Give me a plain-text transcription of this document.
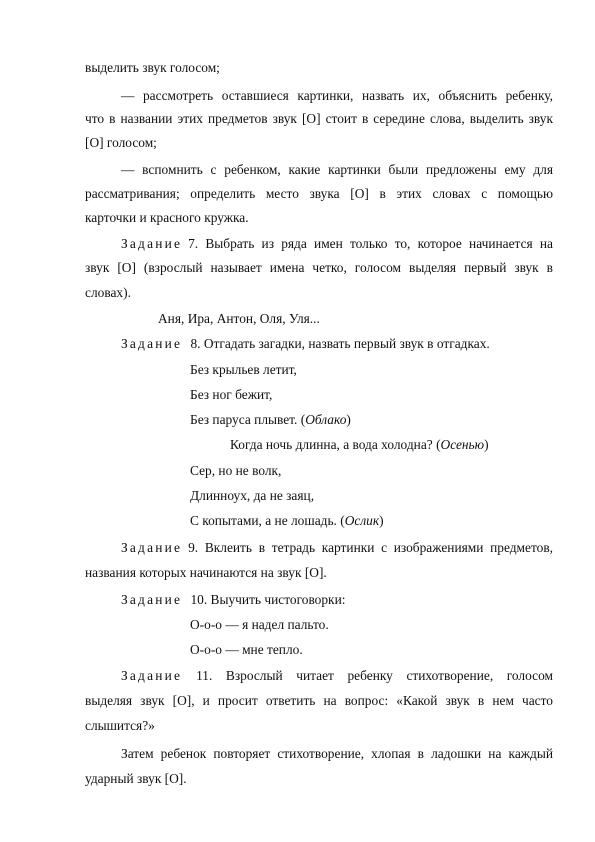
выделить звук голосом;
— рассмотреть оставшиеся картинки, назвать их, объяснить ребенку,
что в названии этих предметов звук [О] стоит в середине слова, выделить звук
[О] голосом;
— вспомнить с ребенком, какие картинки были предложены ему для
рассматривания; определить место звука [О] в этих словах с помощью
карточки и красного кружка.
Задание 7. Выбрать из ряда имен только то, которое начинается на
звук [О] (взрослый называет имена четко, голосом выделяя первый звук в
словах).
Аня, Ира, Антон, Оля, Уля...
Задание 8. Отгадать загадки, назвать первый звук в отгадках.
Без крыльев летит,
Без ног бежит,
Без паруса плывет. (Облако)
Когда ночь длинна, а вода холодна? (Осенью)
Сер, но не волк,
Длинноух, да не заяц,
С копытами, а не лошадь. (Ослик)
Задание 9. Вклеить в тетрадь картинки с изображениями предметов,
названия которых начинаются на звук [О].
Задание 10. Выучить чистоговорки:
О-о-о — я надел пальто.
О-о-о — мне тепло.
Задание 11. Взрослый читает ребенку стихотворение, голосом
выделяя звук [О], и просит ответить на вопрос: «Какой звук в нем часто
слышится?»
Затем ребенок повторяет стихотворение, хлопая в ладошки на каждый
ударный звук [О].
